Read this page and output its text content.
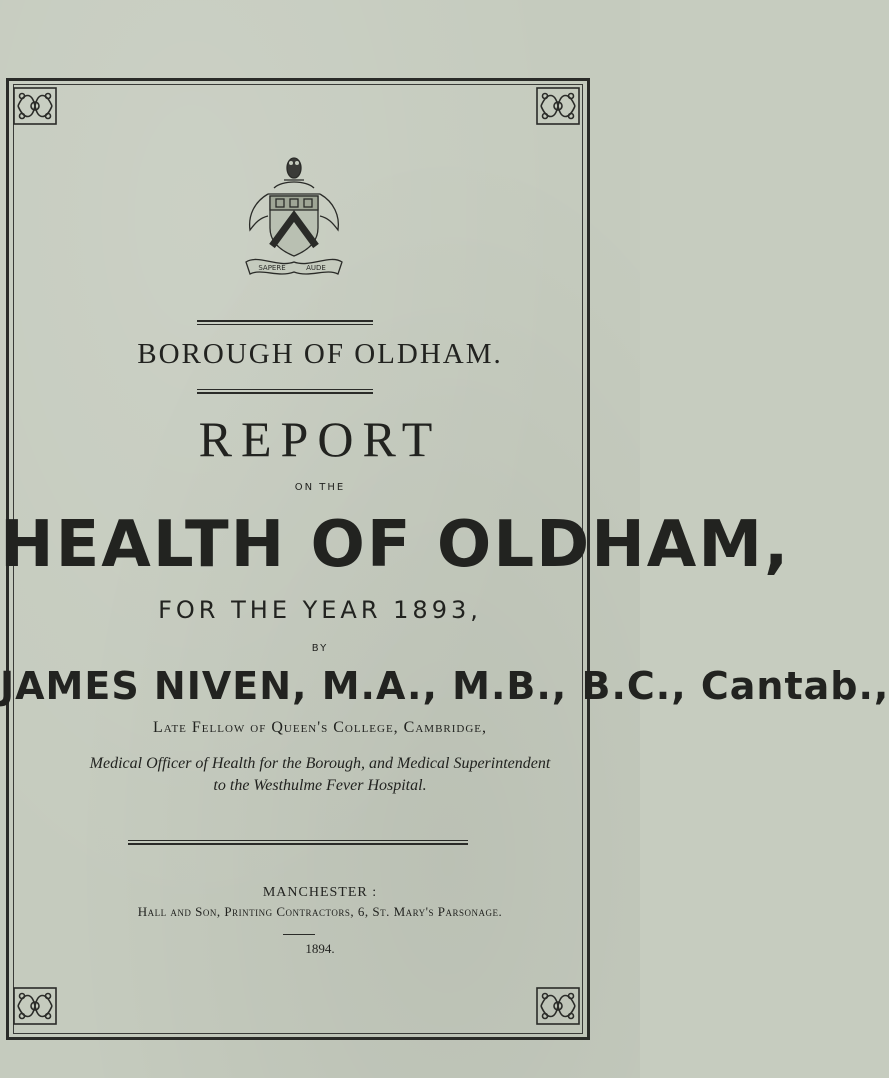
SAPERE	AUDE
BOROUGH OF OLDHAM.
REPORT
ON THE
HEALTH OF OLDHAM,
FOR THE YEAR 1893,
BY
JAMES NIVEN, M.A., M.B., B.C., Cantab.,
Late Fellow of Queen's College, Cambridge,
Medical Officer of Health for the Borough, and Medical Superintendent
to the Westhulme Fever Hospital.
MANCHESTER :
Hall and Son, Printing Contractors, 6, St. Mary's Parsonage.
1894.
